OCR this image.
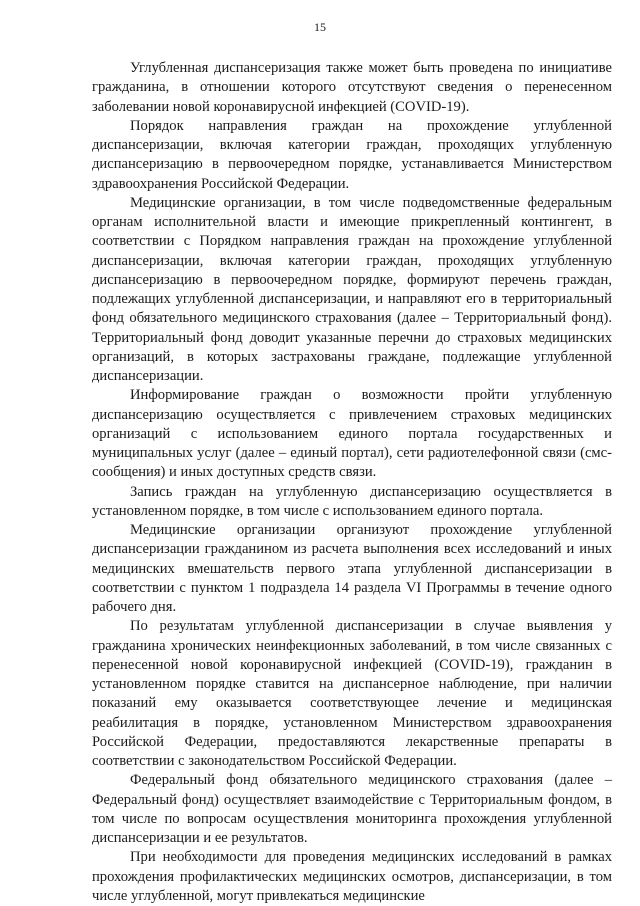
15

Углубленная диспансеризация также может быть проведена по инициативе гражданина, в отношении которого отсутствуют сведения о перенесенном заболевании новой коронавирусной инфекцией (COVID-19).

Порядок направления граждан на прохождение углубленной диспансеризации, включая категории граждан, проходящих углубленную диспансеризацию в первоочередном порядке, устанавливается Министерством здравоохранения Российской Федерации.

Медицинские организации, в том числе подведомственные федеральным органам исполнительной власти и имеющие прикрепленный контингент, в соответствии с Порядком направления граждан на прохождение углубленной диспансеризации, включая категории граждан, проходящих углубленную диспансеризацию в первоочередном порядке, формируют перечень граждан, подлежащих углубленной диспансеризации, и направляют его в территориальный фонд обязательного медицинского страхования (далее – Территориальный фонд). Территориальный фонд доводит указанные перечни до страховых медицинских организаций, в которых застрахованы граждане, подлежащие углубленной диспансеризации.

Информирование граждан о возможности пройти углубленную диспансеризацию осуществляется с привлечением страховых медицинских организаций с использованием единого портала государственных и муниципальных услуг (далее – единый портал), сети радиотелефонной связи (смс-сообщения) и иных доступных средств связи.

Запись граждан на углубленную диспансеризацию осуществляется в установленном порядке, в том числе с использованием единого портала.

Медицинские организации организуют прохождение углубленной диспансеризации гражданином из расчета выполнения всех исследований и иных медицинских вмешательств первого этапа углубленной диспансеризации в соответствии с пунктом 1 подраздела 14 раздела VI Программы в течение одного рабочего дня.

По результатам углубленной диспансеризации в случае выявления у гражданина хронических неинфекционных заболеваний, в том числе связанных с перенесенной новой коронавирусной инфекцией (COVID-19), гражданин в установленном порядке ставится на диспансерное наблюдение, при наличии показаний ему оказывается соответствующее лечение и медицинская реабилитация в порядке, установленном Министерством здравоохранения Российской Федерации, предоставляются лекарственные препараты в соответствии с законодательством Российской Федерации.

Федеральный фонд обязательного медицинского страхования (далее – Федеральный фонд) осуществляет взаимодействие с Территориальным фондом, в том числе по вопросам осуществления мониторинга прохождения углубленной диспансеризации и ее результатов.

При необходимости для проведения медицинских исследований в рамках прохождения профилактических медицинских осмотров, диспансеризации, в том числе углубленной, могут привлекаться медицинские
